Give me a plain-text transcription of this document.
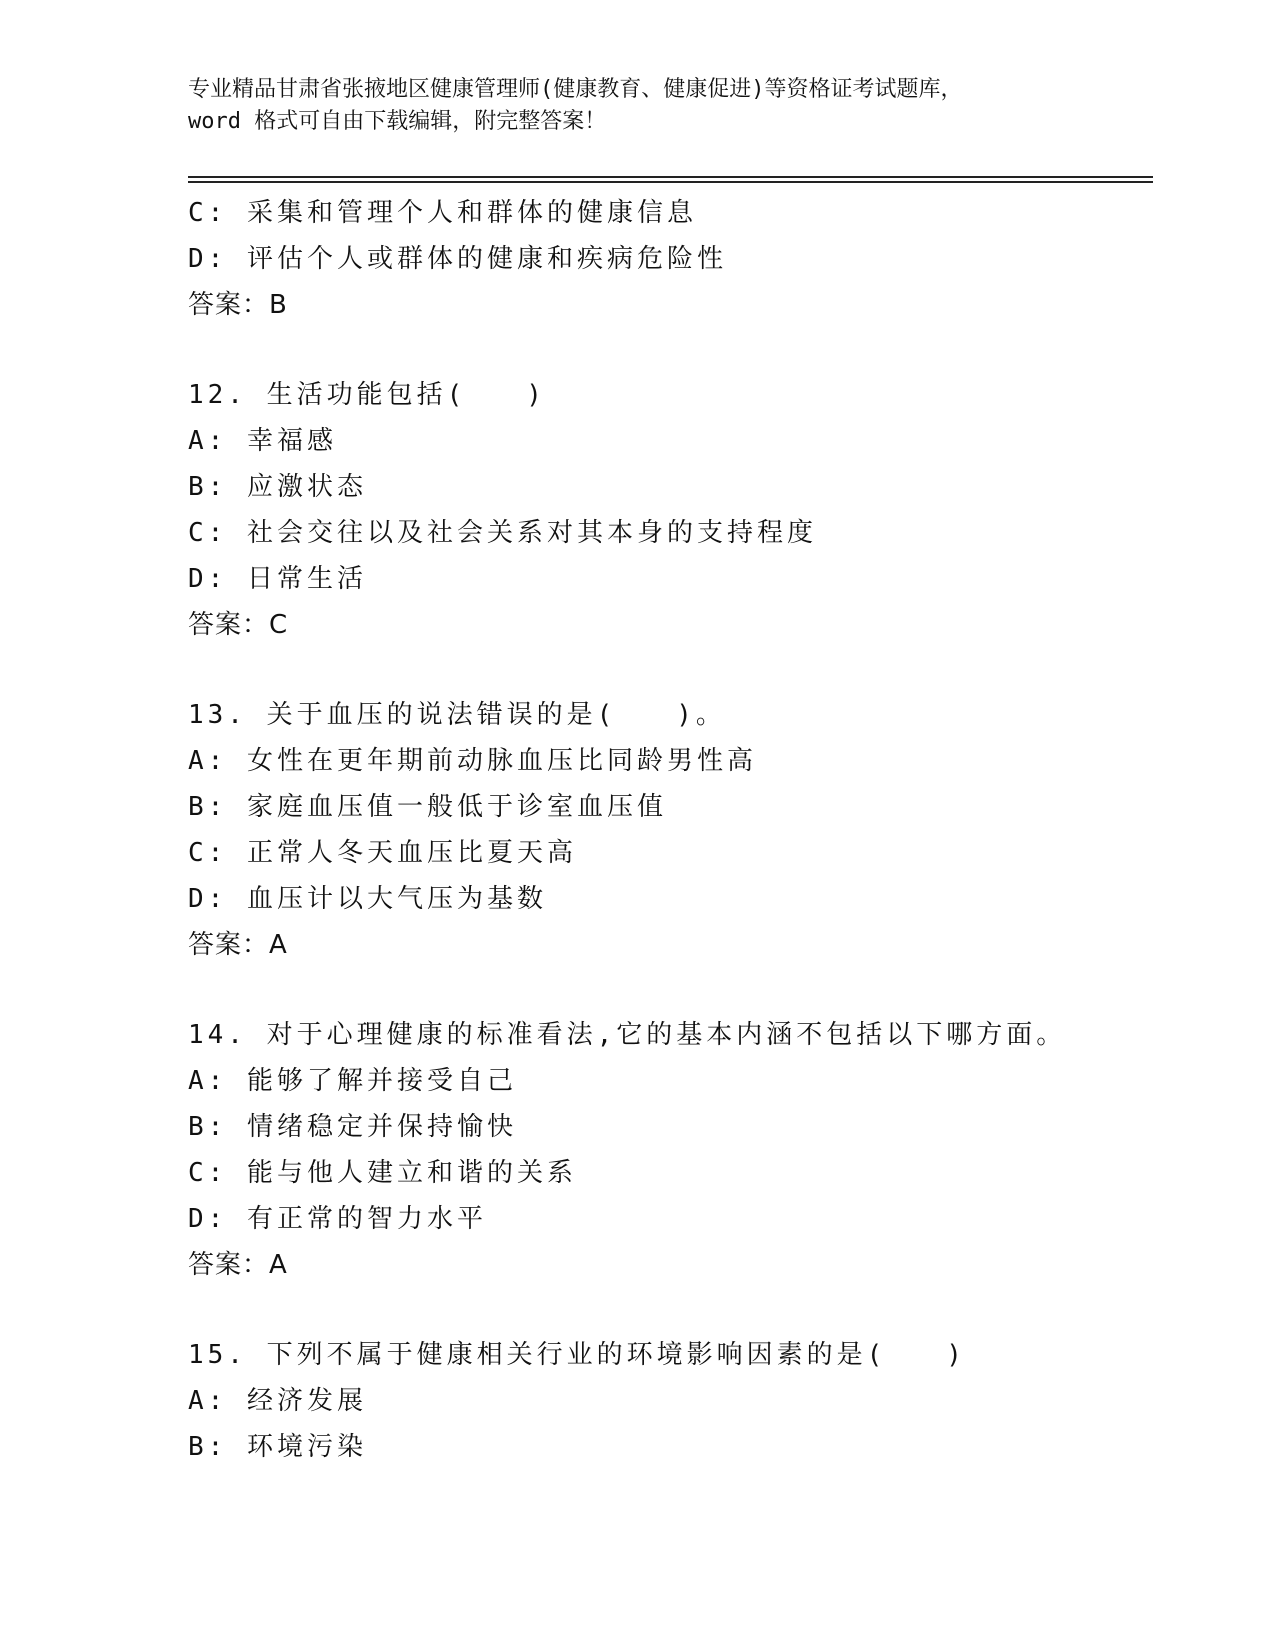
专业精品甘肃省张掖地区健康管理师(健康教育、健康促进)等资格证考试题库，
word 格式可自由下载编辑，附完整答案！
C: 采集和管理个人和群体的健康信息
D: 评估个人或群体的健康和疾病危险性
答案：B
12. 生活功能包括(　　)
A: 幸福感
B: 应激状态
C: 社会交往以及社会关系对其本身的支持程度
D: 日常生活
答案：C
13. 关于血压的说法错误的是(　　)。
A: 女性在更年期前动脉血压比同龄男性高
B: 家庭血压值一般低于诊室血压值
C: 正常人冬天血压比夏天高
D: 血压计以大气压为基数
答案：A
14. 对于心理健康的标准看法,它的基本内涵不包括以下哪方面。
A: 能够了解并接受自己
B: 情绪稳定并保持愉快
C: 能与他人建立和谐的关系
D: 有正常的智力水平
答案：A
15. 下列不属于健康相关行业的环境影响因素的是(　　)
A: 经济发展
B: 环境污染
